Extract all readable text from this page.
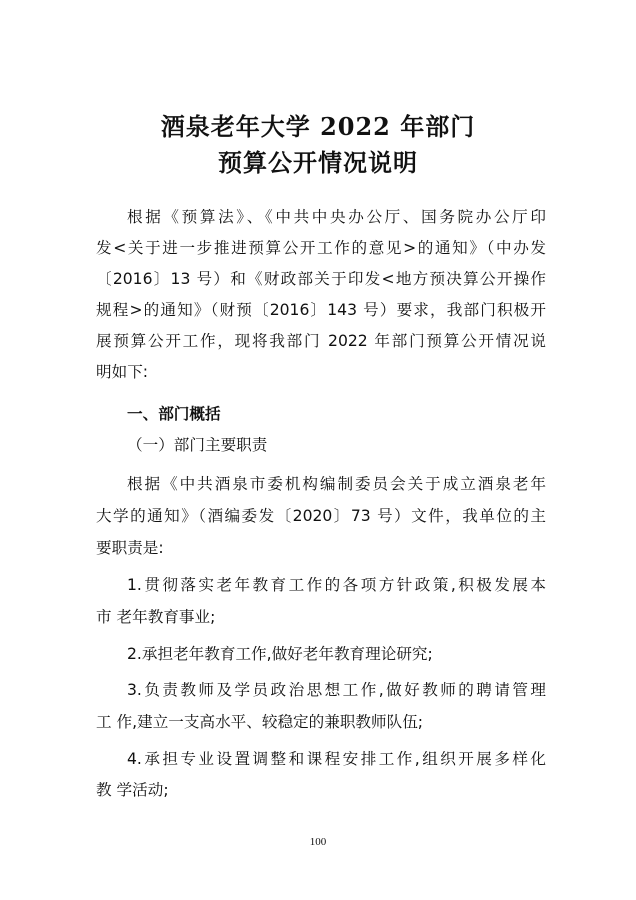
酒泉老年大学 2022 年部门
预算公开情况说明
根据《预算法》、《中共中央办公厅、国务院办公厅印
发<关于进一步推进预算公开工作的意见>的通知》（中办发
〔2016〕13 号）和《财政部关于印发<地方预决算公开操作
规程>的通知》（财预〔2016〕143 号）要求，我部门积极开
展预算公开工作，现将我部门 2022 年部门预算公开情况说
明如下:
一、部门概括
（一）部门主要职责
根据《中共酒泉市委机构编制委员会关于成立酒泉老年
大学的通知》（酒编委发〔2020〕73 号）文件，我单位的主
要职责是:
1.贯彻落实老年教育工作的各项方针政策,积极发展本
市 老年教育事业;
2.承担老年教育工作,做好老年教育理论研究;
3.负责教师及学员政治思想工作,做好教师的聘请管理
工 作,建立一支高水平、较稳定的兼职教师队伍;
4.承担专业设置调整和课程安排工作,组织开展多样化
教 学活动;
100
